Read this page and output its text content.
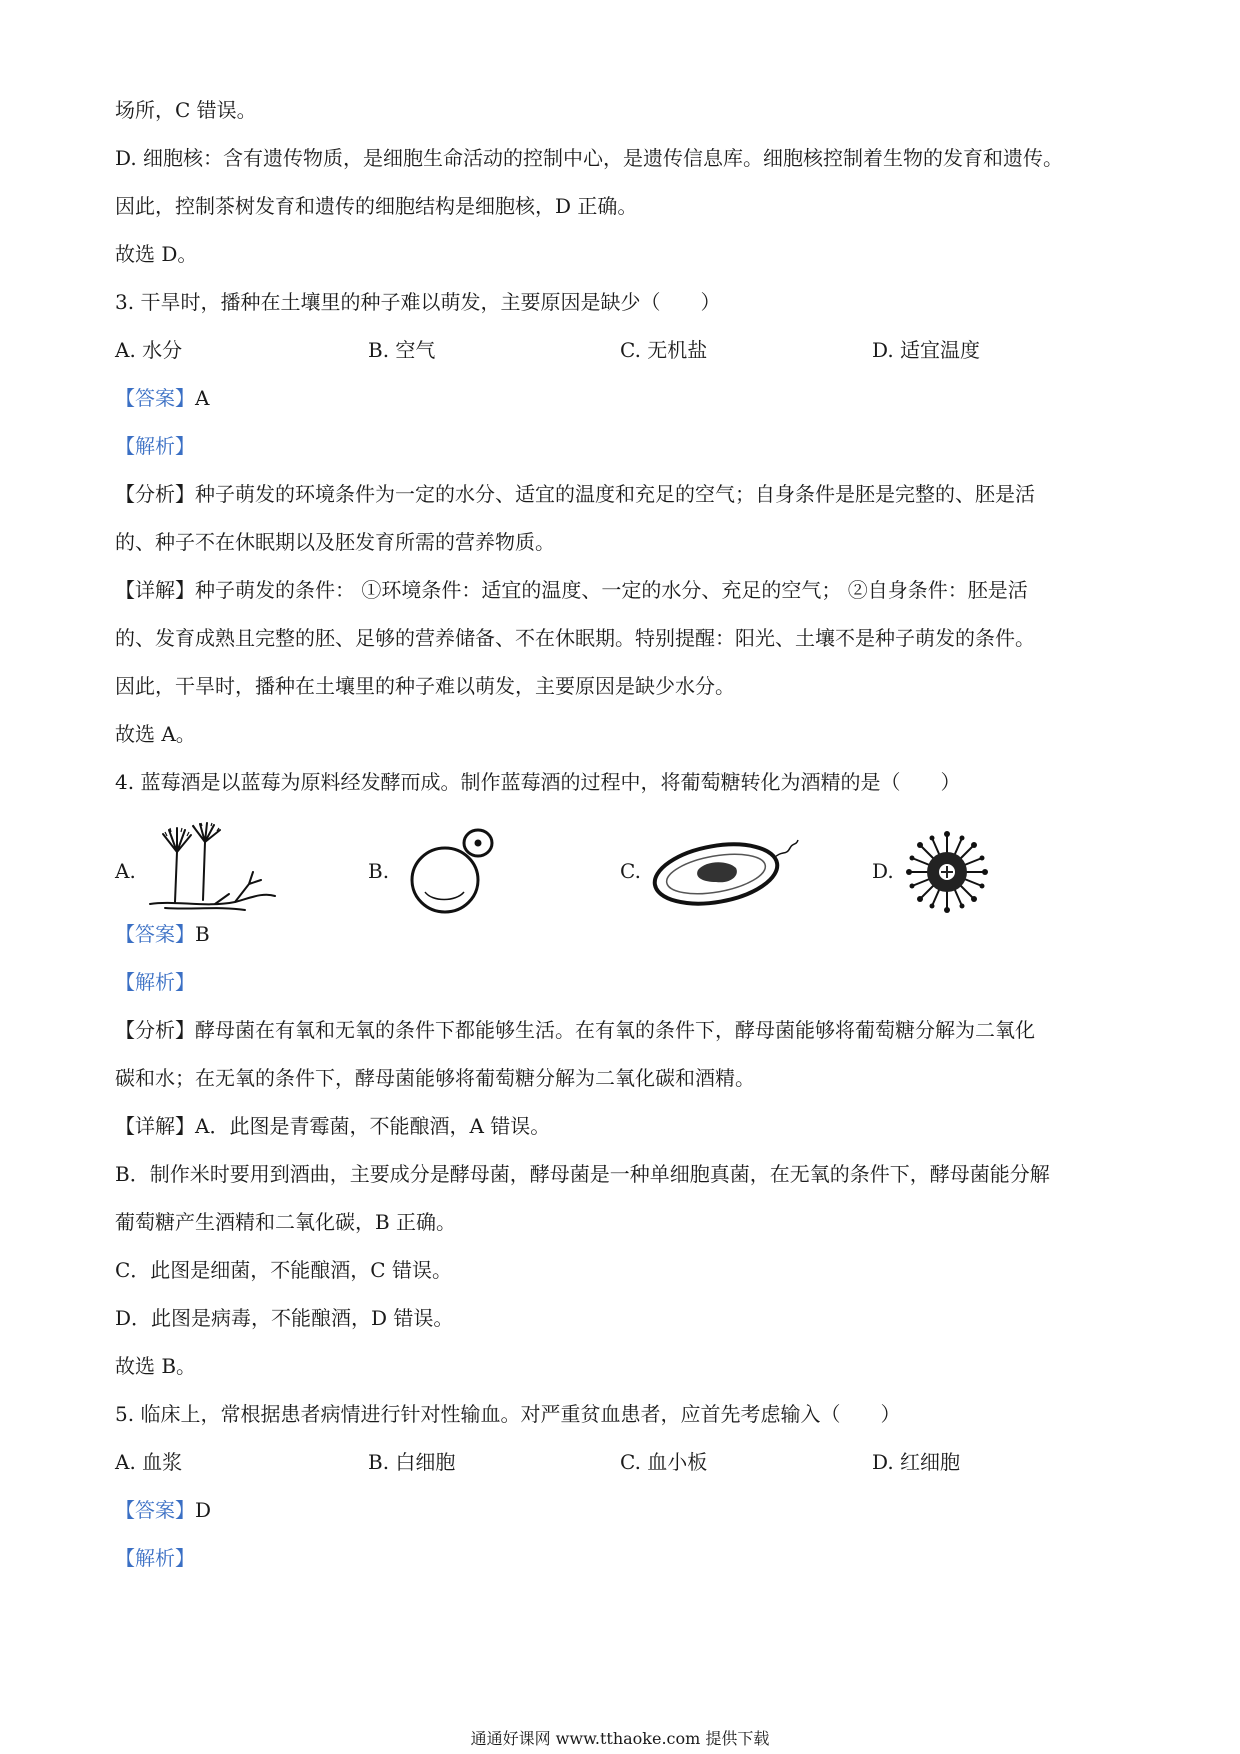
场所，C 错误。
D. 细胞核：含有遗传物质，是细胞生命活动的控制中心，是遗传信息库。细胞核控制着生物的发育和遗传。
因此，控制茶树发育和遗传的细胞结构是细胞核，D 正确。
故选 D。
3. 干旱时，播种在土壤里的种子难以萌发，主要原因是缺少（　　）
A. 水分	B. 空气	C. 无机盐	D. 适宜温度
【答案】A
【解析】
【分析】种子萌发的环境条件为一定的水分、适宜的温度和充足的空气；自身条件是胚是完整的、胚是活
的、种子不在休眠期以及胚发育所需的营养物质。
【详解】种子萌发的条件： ①环境条件：适宜的温度、一定的水分、充足的空气； ②自身条件：胚是活
的、发育成熟且完整的胚、足够的营养储备、不在休眠期。特别提醒：阳光、土壤不是种子萌发的条件。
因此，干旱时，播种在土壤里的种子难以萌发，主要原因是缺少水分。
故选 A。
4. 蓝莓酒是以蓝莓为原料经发酵而成。制作蓝莓酒的过程中，将葡萄糖转化为酒精的是（　　）
A.	B.	C.	D.
【答案】B
【解析】
【分析】酵母菌在有氧和无氧的条件下都能够生活。在有氧的条件下，酵母菌能够将葡萄糖分解为二氧化
碳和水；在无氧的条件下，酵母菌能够将葡萄糖分解为二氧化碳和酒精。
【详解】A．此图是青霉菌，不能酿酒，A 错误。
B．制作米时要用到酒曲，主要成分是酵母菌，酵母菌是一种单细胞真菌，在无氧的条件下，酵母菌能分解
葡萄糖产生酒精和二氧化碳，B 正确。
C．此图是细菌，不能酿酒，C 错误。
D．此图是病毒，不能酿酒，D 错误。
故选 B。
5. 临床上，常根据患者病情进行针对性输血。对严重贫血患者，应首先考虑输入（　　）
A. 血浆	B. 白细胞	C. 血小板	D. 红细胞
【答案】D
【解析】
通通好课网 www.tthaoke.com 提供下载
